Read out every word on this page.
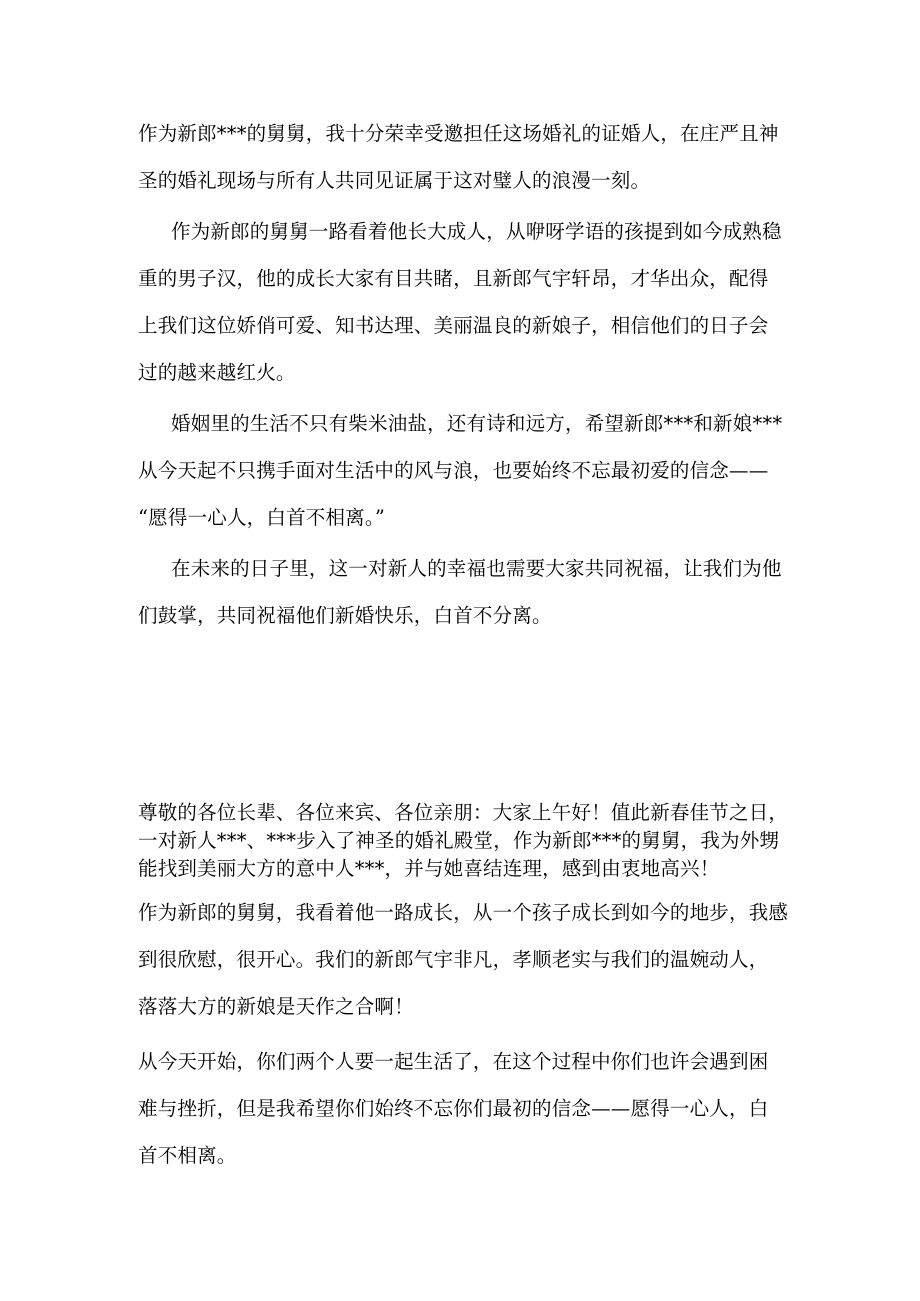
作为新郎***的舅舅，我十分荣幸受邀担任这场婚礼的证婚人，在庄严且神
圣的婚礼现场与所有人共同见证属于这对璧人的浪漫一刻。
作为新郎的舅舅一路看着他长大成人，从咿呀学语的孩提到如今成熟稳
重的男子汉，他的成长大家有目共睹，且新郎气宇轩昂，才华出众，配得
上我们这位娇俏可爱、知书达理、美丽温良的新娘子，相信他们的日子会
过的越来越红火。
婚姻里的生活不只有柴米油盐，还有诗和远方，希望新郎***和新娘***
从今天起不只携手面对生活中的风与浪，也要始终不忘最初爱的信念——
“愿得一心人，白首不相离。”
在未来的日子里，这一对新人的幸福也需要大家共同祝福，让我们为他
们鼓掌，共同祝福他们新婚快乐，白首不分离。
尊敬的各位长辈、各位来宾、各位亲朋：大家上午好！值此新春佳节之日，
一对新人***、***步入了神圣的婚礼殿堂，作为新郎***的舅舅，我为外甥
能找到美丽大方的意中人***，并与她喜结连理，感到由衷地高兴！
作为新郎的舅舅，我看着他一路成长，从一个孩子成长到如今的地步，我感
到很欣慰，很开心。我们的新郎气宇非凡，孝顺老实与我们的温婉动人，
落落大方的新娘是天作之合啊！
从今天开始，你们两个人要一起生活了，在这个过程中你们也许会遇到困
难与挫折，但是我希望你们始终不忘你们最初的信念——愿得一心人，白
首不相离。
